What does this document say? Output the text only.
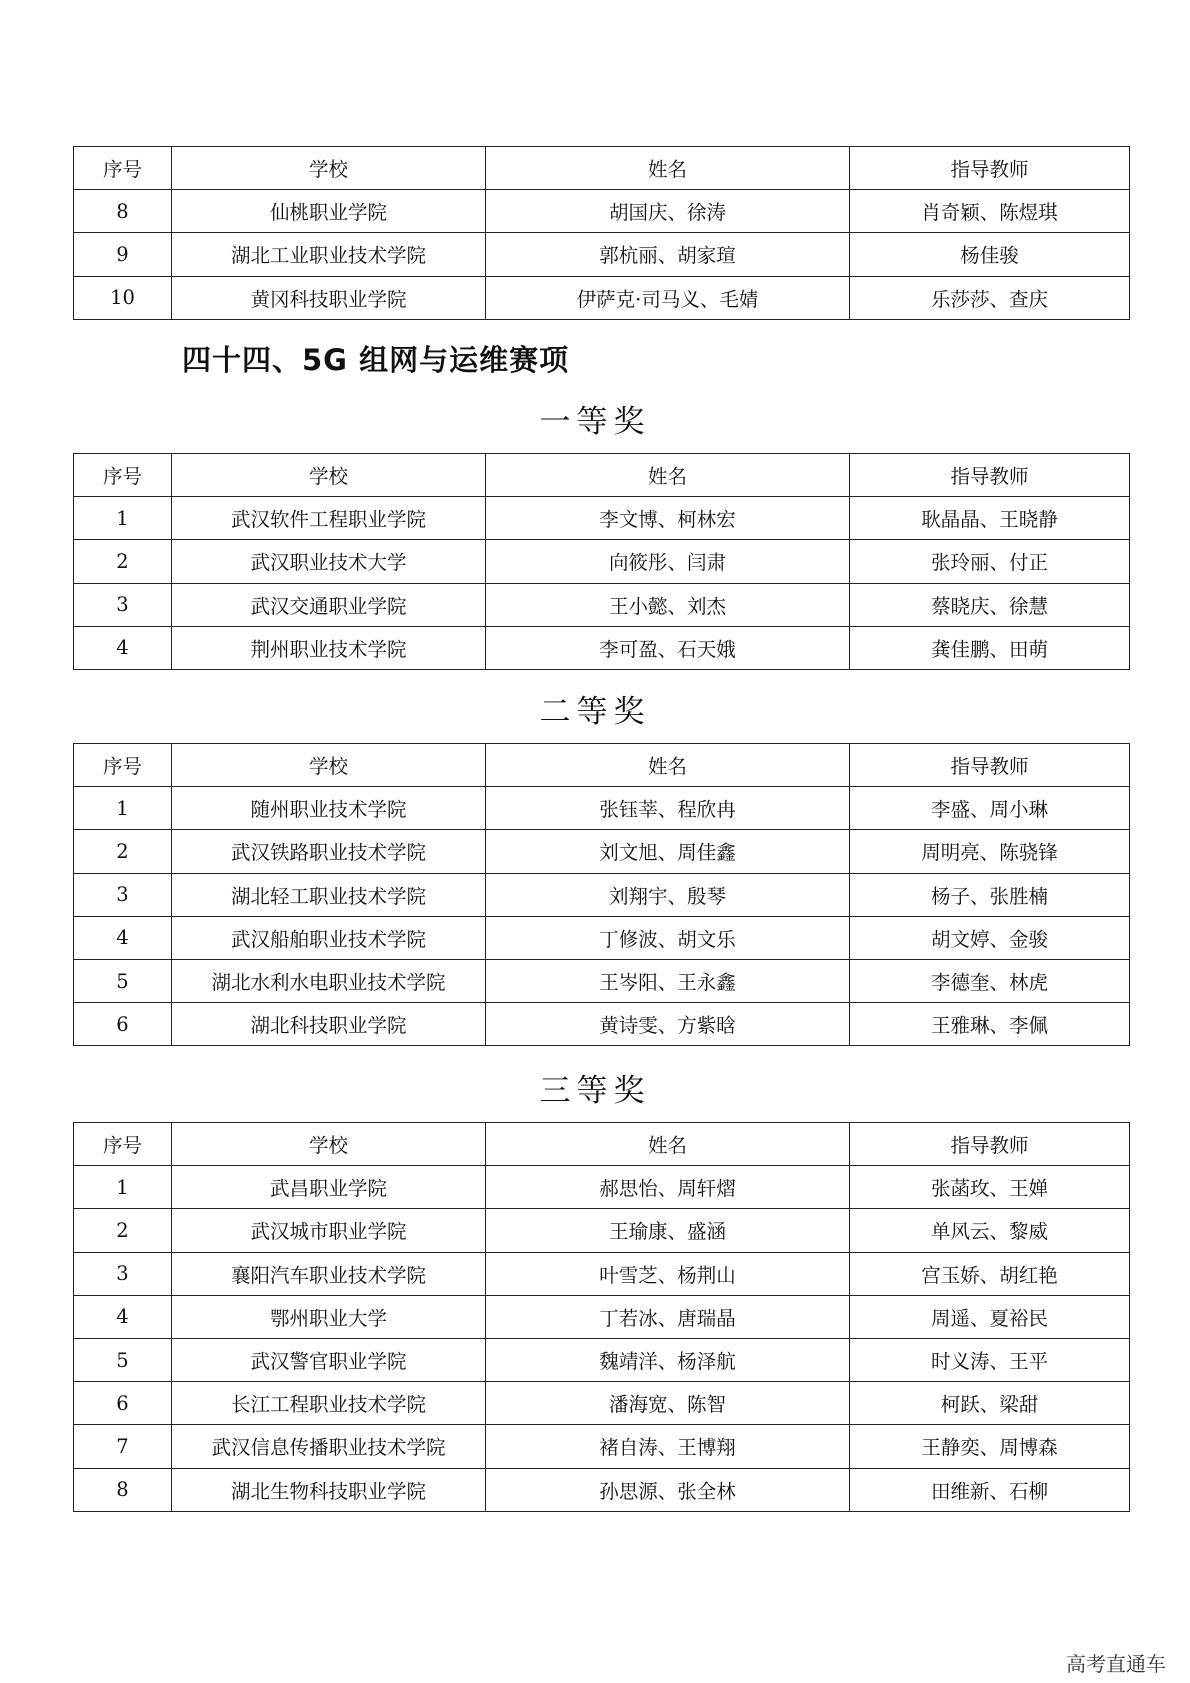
序号	学校	姓名	指导教师
8	仙桃职业学院	胡国庆、徐涛	肖奇颖、陈煜琪
9	湖北工业职业技术学院	郭杭丽、胡家瑄	杨佳骏
10	黄冈科技职业学院	伊萨克·司马义、毛婧	乐莎莎、查庆
四十四、5G 组网与运维赛项
一等奖
序号	学校	姓名	指导教师
1	武汉软件工程职业学院	李文博、柯林宏	耿晶晶、王晓静
2	武汉职业技术大学	向筱彤、闫肃	张玲丽、付正
3	武汉交通职业学院	王小懿、刘杰	蔡晓庆、徐慧
4	荆州职业技术学院	李可盈、石天娥	龚佳鹏、田萌
二等奖
序号	学校	姓名	指导教师
1	随州职业技术学院	张钰莘、程欣冉	李盛、周小琳
2	武汉铁路职业技术学院	刘文旭、周佳鑫	周明亮、陈骁锋
3	湖北轻工职业技术学院	刘翔宇、殷琴	杨子、张胜楠
4	武汉船舶职业技术学院	丁修波、胡文乐	胡文婷、金骏
5	湖北水利水电职业技术学院	王岑阳、王永鑫	李德奎、林虎
6	湖北科技职业学院	黄诗雯、方紫晗	王雅琳、李佩
三等奖
序号	学校	姓名	指导教师
1	武昌职业学院	郝思怡、周轩熠	张菡玫、王婵
2	武汉城市职业学院	王瑜康、盛涵	单风云、黎威
3	襄阳汽车职业技术学院	叶雪芝、杨荆山	宫玉娇、胡红艳
4	鄂州职业大学	丁若冰、唐瑞晶	周遥、夏裕民
5	武汉警官职业学院	魏靖洋、杨泽航	时义涛、王平
6	长江工程职业技术学院	潘海宽、陈智	柯跃、梁甜
7	武汉信息传播职业技术学院	褚自涛、王博翔	王静奕、周博森
8	湖北生物科技职业学院	孙思源、张全林	田维新、石柳
高考直通车
